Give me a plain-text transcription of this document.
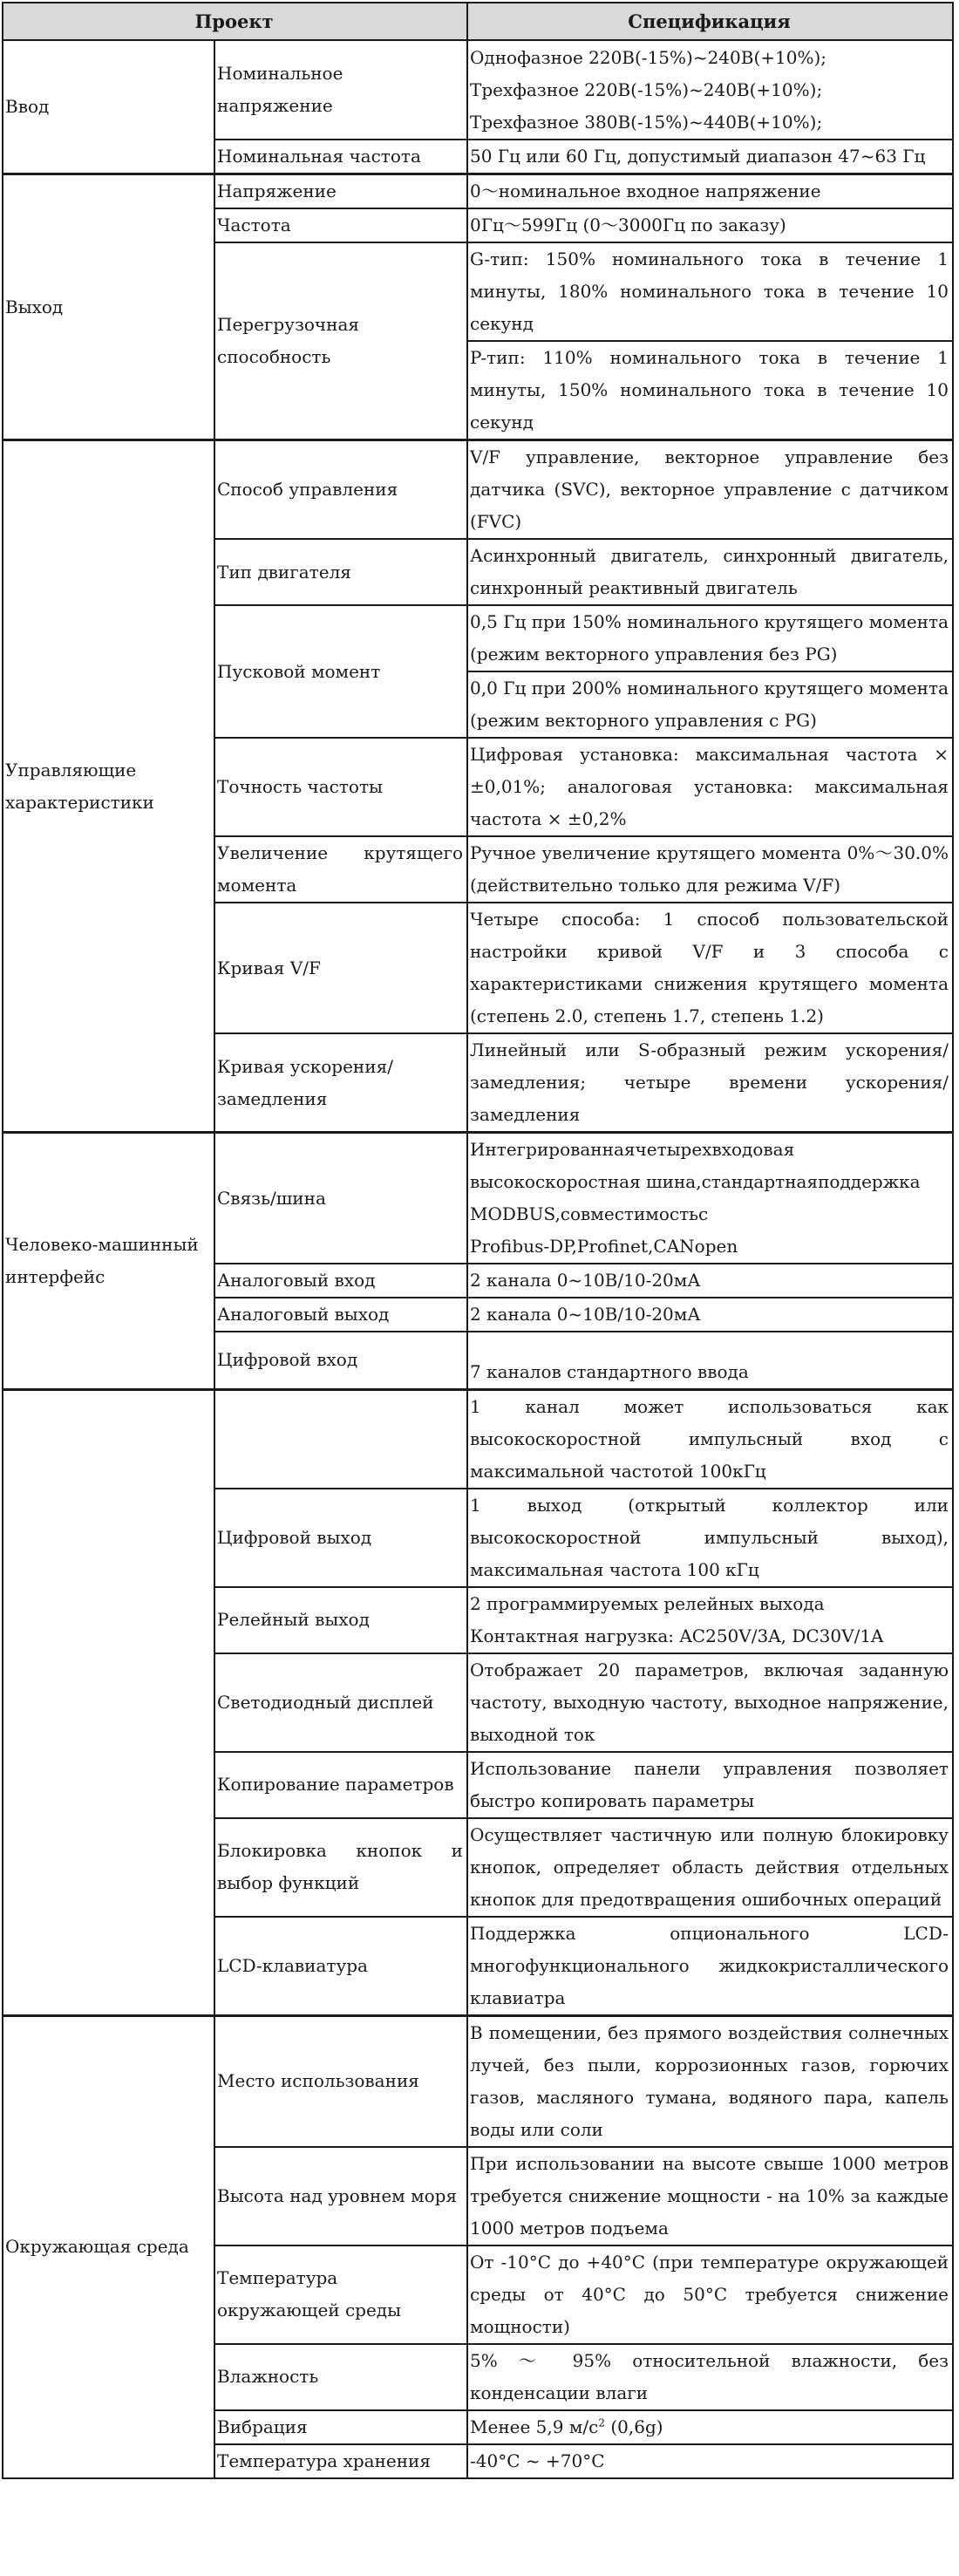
Проект		Спецификация
Ввод	Номинальное напряжение	Однофазное 220В(-15%)~240В(+10%);
Трехфазное 220В(-15%)~240В(+10%);
Трехфазное 380В(-15%)~440В(+10%);

	Номинальная частота	50 Гц или 60 Гц, допустимый диапазон 47~63 Гц
Выход	Напряжение	0～номинальное входное напряжение
	Частота	0Гц～599Гц (0～3000Гц по заказу)
	Перегрузочная способность	G-тип: 150% номинального тока в течение 1 минуты, 180% номинального тока в течение 10 секунд
		P-тип: 110% номинального тока в течение 1 минуты, 150% номинального тока в течение 10 секунд
Управляющие характеристики	Способ управления	V/F управление, векторное управление без датчика (SVC), векторное управление с датчиком (FVC)
	Тип двигателя	Асинхронный двигатель, синхронный двигатель, синхронный реактивный двигатель
	Пусковой момент	0,5 Гц при 150% номинального крутящего момента (режим векторного управления без PG)
		0,0 Гц при 200% номинального крутящего момента (режим векторного управления с PG)
	Точность частоты	Цифровая установка: максимальная частота × ±0,01%; аналоговая установка: максимальная частота × ±0,2%
	Увеличение крутящего момента	Ручное увеличение крутящего момента 0%～30.0% (действительно только для режима V/F)
	Кривая V/F	Четыре способа: 1 способ пользовательской настройки кривой V/F и 3 способа с характеристиками снижения крутящего момента (степень 2.0, степень 1.7, степень 1.2)
	Кривая ускорения/замедления	Линейный или S-образный режим ускорения/замедления; четыре времени ускорения/замедления
Человеко-машинный интерфейс	Связь/шина	Интегрированнаячетырехвходовая
высокоскоростная шина,стандартнаяподдержка
MODBUS,совместимостьс
Profibus-DP,Profinet,CANopen

	Аналоговый вход	2 канала 0~10В/10-20мА
	Аналоговый выход	2 канала 0~10В/10-20мА
	Цифровой вход	7 каналов стандартного ввода
		1 канал может использоваться как высокоскоростной импульсный вход с максимальной частотой 100кГц
	Цифровой выход	1 выход (открытый коллектор или высокоскоростной импульсный выход), максимальная частота 100 кГц
	Релейный выход	2 программируемых релейных выхода
Контактная нагрузка: AC250V/3A, DC30V/1A

	Светодиодный дисплей	Отображает 20 параметров, включая заданную частоту, выходную частоту, выходное напряжение, выходной ток
	Копирование параметров	Использование панели управления позволяет быстро копировать параметры
	Блокировка кнопок и выбор функций	Осуществляет частичную или полную блокировку кнопок, определяет область действия отдельных кнопок для предотвращения ошибочных операций
	LCD-клавиатура	Поддержка опционального LCD-многофункционального жидкокристаллического клавиатра
Окружающая среда	Место использования	В помещении, без прямого воздействия солнечных лучей, без пыли, коррозионных газов, горючих газов, масляного тумана, водяного пара, капель воды или соли
	Высота над уровнем моря	При использовании на высоте свыше 1000 метров требуется снижение мощности - на 10% за каждые 1000 метров подъема
	Температура окружающей среды	От -10°C до +40°C (при температуре окружающей среды от 40°C до 50°C требуется снижение мощности)
	Влажность	5% ～ 95% относительной влажности, без конденсации влаги
	Вибрация	Менее 5,9 $м/с^2$ (0,6g)
	Температура хранения	-40°C ~ +70°C
